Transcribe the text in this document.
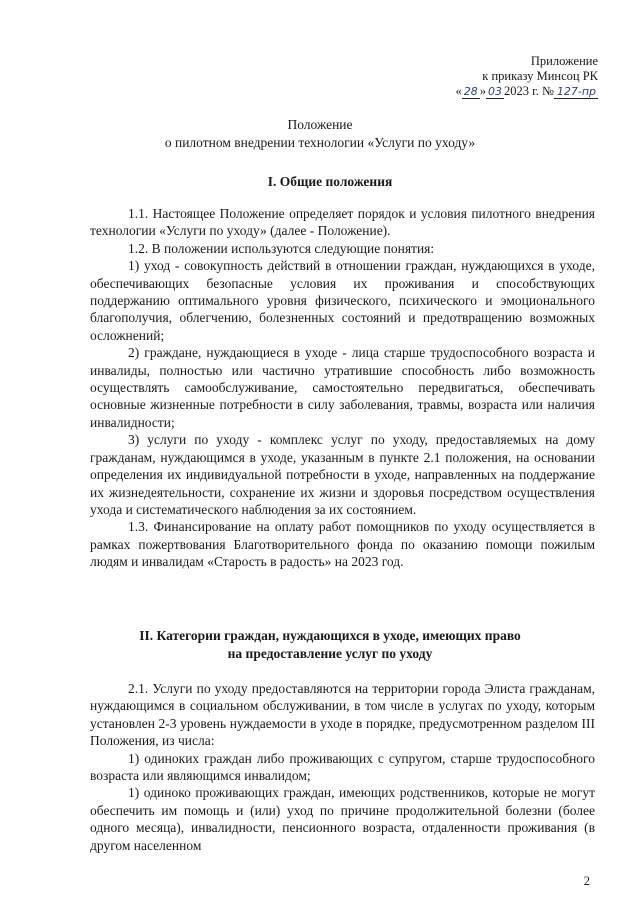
Приложение
к приказу Минсоц РК
« 28 »032023 г. № 127-пр
Положение
о пилотном внедрении технологии «Услуги по уходу»
I. Общие положения

1.1. Настоящее Положение определяет порядок и условия пилотного внедрения технологии «Услуги по уходу» (далее - Положение).

1.2. В положении используются следующие понятия:

1) уход - совокупность действий в отношении граждан, нуждающихся в уходе, обеспечивающих безопасные условия их проживания и способствующих поддержанию оптимального уровня физического, психического и эмоционального благополучия, облегчению, болезненных состояний и предотвращению возможных осложнений;

2) граждане, нуждающиеся в уходе - лица старше трудоспособного возраста и инвалиды, полностью или частично утратившие способность либо возможность осуществлять самообслуживание, самостоятельно передвигаться, обеспечивать основные жизненные потребности в силу заболевания, травмы, возраста или наличия инвалидности;

3) услуги по уходу - комплекс услуг по уходу, предоставляемых на дому гражданам, нуждающимся в уходе, указанным в пункте 2.1 положения, на основании определения их индивидуальной потребности в уходе, направленных на поддержание их жизнедеятельности, сохранение их жизни и здоровья посредством осуществления ухода и систематического наблюдения за их состоянием.

1.3. Финансирование на оплату работ помощников по уходу осуществляется в рамках пожертвования Благотворительного фонда по оказанию помощи пожилым людям и инвалидам «Старость в радость» на 2023 год.

II. Категории граждан, нуждающихся в уходе, имеющих право
на предоставление услуг по уходу

2.1. Услуги по уходу предоставляются на территории города Элиста гражданам, нуждающимся в социальном обслуживании, в том числе в услугах по уходу, которым установлен 2-3 уровень нуждаемости в уходе в порядке, предусмотренном разделом III Положения, из числа:

1) одиноких граждан либо проживающих с супругом, старше трудоспособного возраста или являющимся инвалидом;

1) одиноко проживающих граждан, имеющих родственников, которые не могут обеспечить им помощь и (или) уход по причине продолжительной болезни (более одного месяца), инвалидности, пенсионного возраста, отдаленности проживания (в другом населенном

2
